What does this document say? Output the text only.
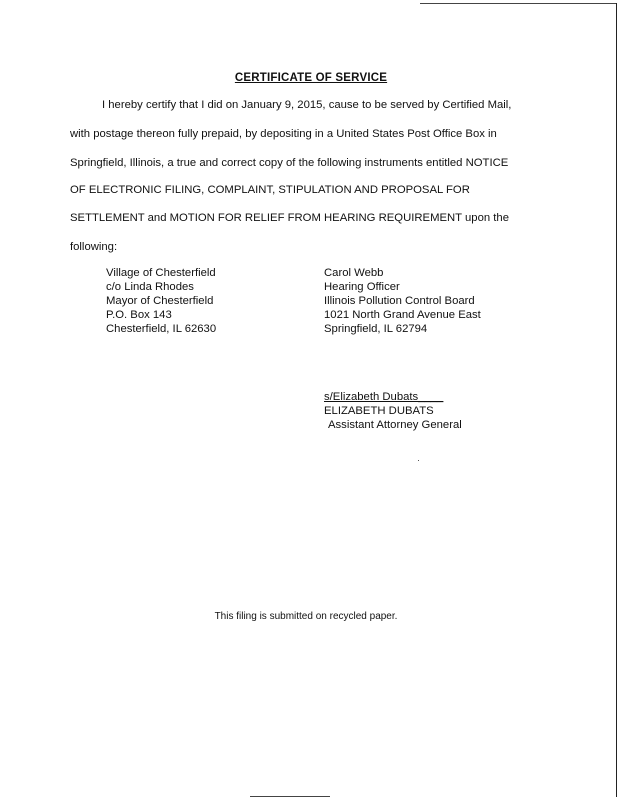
CERTIFICATE OF SERVICE
I hereby certify that I did on January 9, 2015, cause to be served by Certified Mail,
with postage thereon fully prepaid, by depositing in a United States Post Office Box in
Springfield, Illinois, a true and correct copy of the following instruments entitled NOTICE
OF ELECTRONIC FILING, COMPLAINT, STIPULATION AND PROPOSAL FOR
SETTLEMENT and MOTION FOR RELIEF FROM HEARING REQUIREMENT upon the
following:
Village of Chesterfield
c/o Linda Rhodes
Mayor of Chesterfield
P.O. Box 143
Chesterfield, IL 62630
Carol Webb
Hearing Officer
Illinois Pollution Control Board
1021 North Grand Avenue East
Springfield, IL 62794
s/Elizabeth Dubats____
ELIZABETH DUBATS
Assistant Attorney General
This filing is submitted on recycled paper.
